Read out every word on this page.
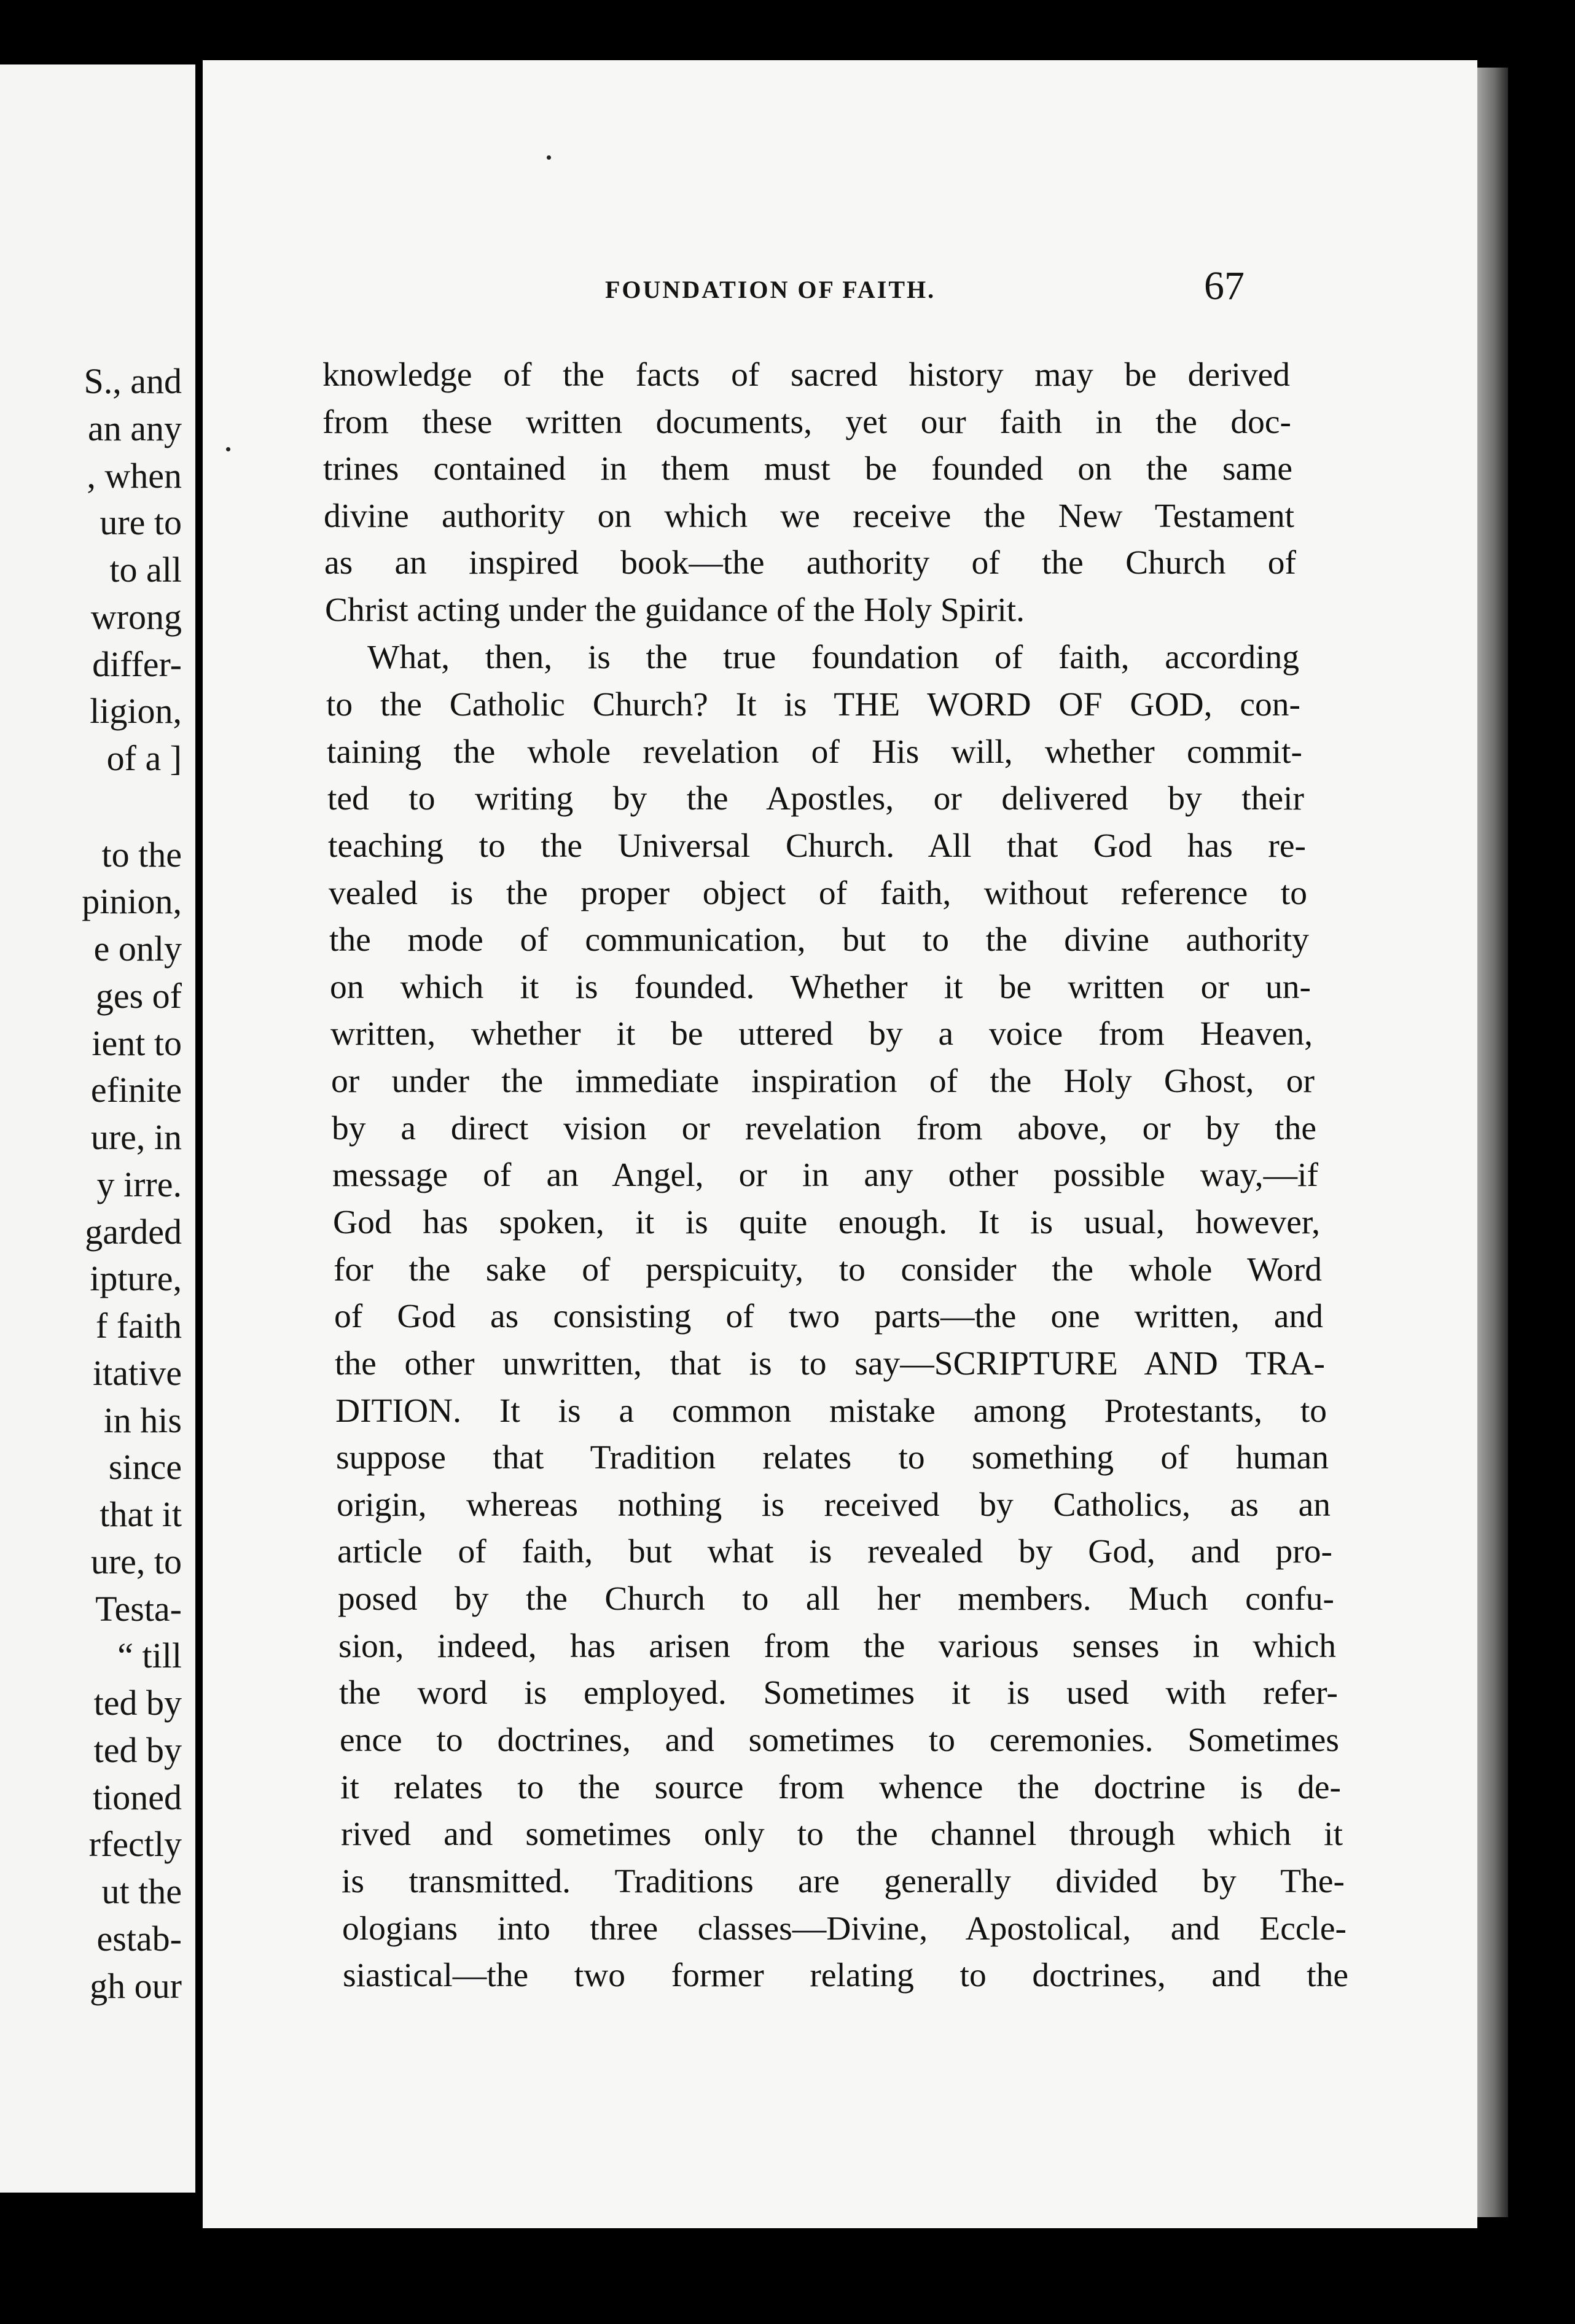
S., and
an any
, when
ure to
to all
wrong
differ-
ligion,
of a ]
to the
pinion,
e only
ges of
ient to
efinite
ure, in
y irre.
garded
ipture,
f faith
itative
in his
since
that it
ure, to
Testa-
“ till
ted by
ted by
tioned
rfectly
ut the
estab-
gh our
FOUNDATION OF FAITH.	67
knowledge of the facts of sacred history may be derived
from these written documents, yet our faith in the doc-
trines contained in them must be founded on the same
divine authority on which we receive the New Testament
as an inspired book—the authority of the Church of
Christ acting under the guidance of the Holy Spirit.
What, then, is the true foundation of faith, according
to the Catholic Church? It is THE WORD OF GOD, con-
taining the whole revelation of His will, whether commit-
ted to writing by the Apostles, or delivered by their
teaching to the Universal Church. All that God has re-
vealed is the proper object of faith, without reference to
the mode of communication, but to the divine authority
on which it is founded. Whether it be written or un-
written, whether it be uttered by a voice from Heaven,
or under the immediate inspiration of the Holy Ghost, or
by a direct vision or revelation from above, or by the
message of an Angel, or in any other possible way,—if
God has spoken, it is quite enough. It is usual, however,
for the sake of perspicuity, to consider the whole Word
of God as consisting of two parts—the one written, and
the other unwritten, that is to say—SCRIPTURE AND TRA-
DITION. It is a common mistake among Protestants, to
suppose that Tradition relates to something of human
origin, whereas nothing is received by Catholics, as an
article of faith, but what is revealed by God, and pro-
posed by the Church to all her members. Much confu-
sion, indeed, has arisen from the various senses in which
the word is employed. Sometimes it is used with refer-
ence to doctrines, and sometimes to ceremonies. Sometimes
it relates to the source from whence the doctrine is de-
rived and sometimes only to the channel through which it
is transmitted. Traditions are generally divided by The-
ologians into three classes—Divine, Apostolical, and Eccle-
siastical—the two former relating to doctrines, and the
